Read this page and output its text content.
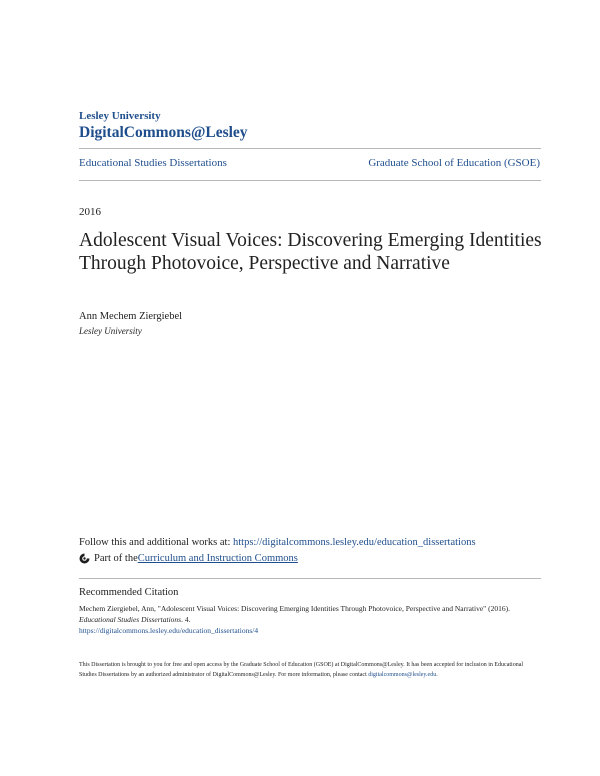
Lesley University
DigitalCommons@Lesley
Educational Studies Dissertations	Graduate School of Education (GSOE)
2016
Adolescent Visual Voices: Discovering Emerging Identities Through Photovoice, Perspective and Narrative
Ann Mechem Ziergiebel
Lesley University
Follow this and additional works at: https://digitalcommons.lesley.edu/education_dissertations
Part of the Curriculum and Instruction Commons
Recommended Citation
Mechem Ziergiebel, Ann, "Adolescent Visual Voices: Discovering Emerging Identities Through Photovoice, Perspective and Narrative" (2016). Educational Studies Dissertations. 4.
https://digitalcommons.lesley.edu/education_dissertations/4
This Dissertation is brought to you for free and open access by the Graduate School of Education (GSOE) at DigitalCommons@Lesley. It has been accepted for inclusion in Educational Studies Dissertations by an authorized administrator of DigitalCommons@Lesley. For more information, please contact digitalcommons@lesley.edu.
